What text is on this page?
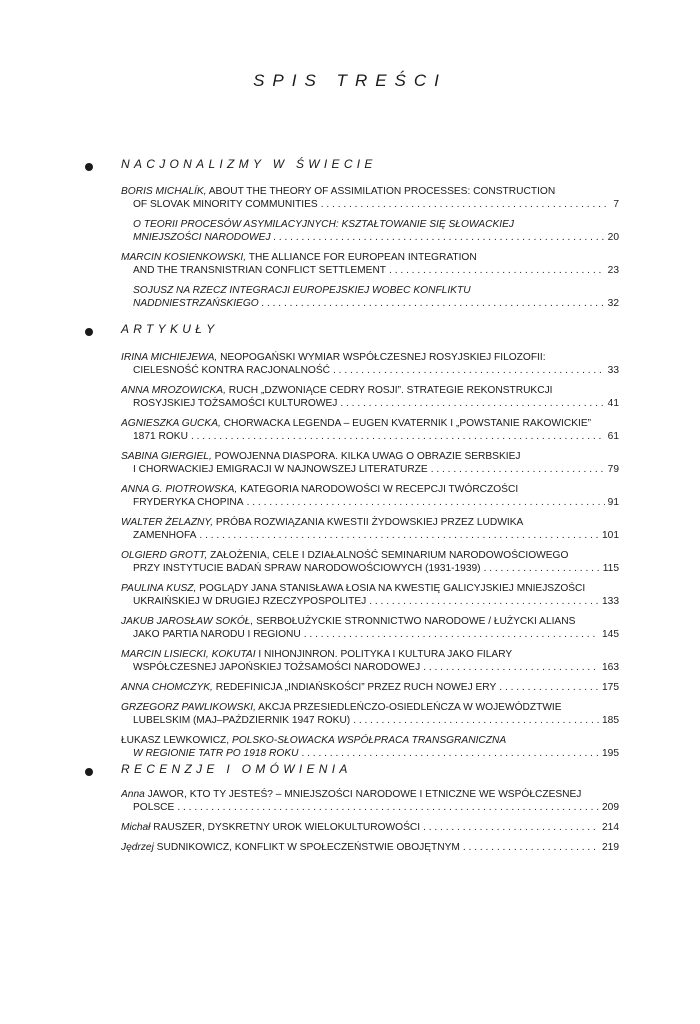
SPIS TREŚCI
NACJONALIZMY W ŚWIECIE
BORIS MICHALÍK, ABOUT THE THEORY OF ASSIMILATION PROCESSES: CONSTRUCTION
OF SLOVAK MINORITY COMMUNITIES . . .	7
O TEORII PROCESÓW ASYMILACYJNYCH: KSZTAŁTOWANIE SIĘ SŁOWACKIEJ
MNIEJSZOŚCI NARODOWEJ . . .	20
MARCIN KOSIENKOWSKI, THE ALLIANCE FOR EUROPEAN INTEGRATION
AND THE TRANSNISTRIAN CONFLICT SETTLEMENT . . .	23
SOJUSZ NA RZECZ INTEGRACJI EUROPEJSKIEJ WOBEC KONFLIKTU
NADDNIESTRZAŃSKIEGO . . .	32
ARTYKUŁY
IRINA MICHIEJEWA, NEOPOGAŃSKI WYMIAR WSPÓŁCZESNEJ ROSYJSKIEJ FILOZOFII:
CIELESNOŚĆ KONTRA RACJONALNOŚĆ . . .	33
ANNA MROZOWICKA, RUCH „DZWONIĄCE CEDRY ROSJI”. STRATEGIE REKONSTRUKCJI
ROSYJSKIEJ TOŻSAMOŚCI KULTUROWEJ . . .	41
AGNIESZKA GUCKA, CHORWACKA LEGENDA – EUGEN KVATERNIK I „POWSTANIE RAKOWICKIE”
1871 ROKU . . .	61
SABINA GIERGIEL, POWOJENNA DIASPORA. KILKA UWAG O OBRAZIE SERBSKIEJ
I CHORWACKIEJ EMIGRACJI W NAJNOWSZEJ LITERATURZE . . .	79
ANNA G. PIOTROWSKA, KATEGORIA NARODOWOŚCI W RECEPCJI TWÓRCZOŚCI
FRYDERYKA CHOPINA . . .	91
WALTER ŻELAZNY, PRÓBA ROZWIĄZANIA KWESTII ŻYDOWSKIEJ PRZEZ LUDWIKA
ZAMENHOFA . . .	101
OLGIERD GROTT, ZAŁOŻENIA, CELE I DZIAŁALNOŚĆ SEMINARIUM NARODOWOŚCIOWEGO
PRZY INSTYTUCIE BADAŃ SPRAW NARODOWOŚCIOWYCH (1931-1939) . . .	115
PAULINA KUSZ, POGLĄDY JANA STANISŁAWA ŁOSIA NA KWESTIĘ GALICYJSKIEJ MNIEJSZOŚCI
UKRAIŃSKIEJ W DRUGIEJ RZECZYPOSPOLITEJ . . .	133
JAKUB JAROSŁAW SOKÓŁ, SERBOŁUŻYCKIE STRONNICTWO NARODOWE / ŁUŻYCKI ALIANS
JAKO PARTIA NARODU I REGIONU . . .	145
MARCIN LISIECKI, KOKUTAI I NIHONJINRON. POLITYKA I KULTURA JAKO FILARY
WSPÓŁCZESNEJ JAPOŃSKIEJ TOŻSAMOŚCI NARODOWEJ . . .	163
ANNA CHOMCZYK, REDEFINICJA „INDIAŃSKOŚCI” PRZEZ RUCH NOWEJ ERY . . .	175
GRZEGORZ PAWLIKOWSKI, AKCJA PRZESIEDLEŃCZO-OSIEDLEŃCZA W WOJEWÓDZTWIE
LUBELSKIM (MAJ–PAŹDZIERNIK 1947 ROKU) . . .	185
ŁUKASZ LEWKOWICZ, POLSKO-SŁOWACKA WSPÓŁPRACA TRANSGRANICZNA
W REGIONIE TATR PO 1918 ROKU . . .	195
RECENZJE I OMÓWIENIA
Anna JAWOR, KTO TY JESTEŚ? – MNIEJSZOŚCI NARODOWE I ETNICZNE WE WSPÓŁCZESNEJ
POLSCE . . .	209
Michał RAUSZER, DYSKRETNY UROK WIELOKULTUROWOŚCI . . .	214
Jędrzej SUDNIKOWICZ, KONFLIKT W SPOŁECZEŃSTWIE OBOJĘTNYM . . .	219
